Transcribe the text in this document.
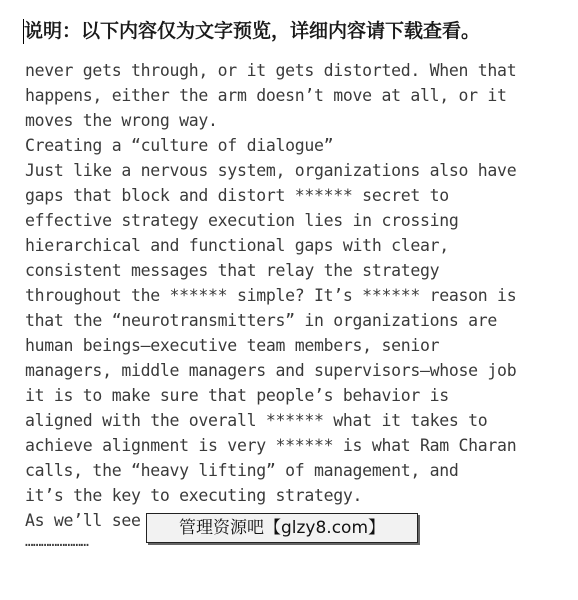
说明：以下内容仅为文字预览，详细内容请下载查看。
never gets through, or it gets distorted. When that
happens, either the arm doesn’t move at all, or it
moves the wrong way.
Creating a “culture of dialogue”
Just like a nervous system, organizations also have
gaps that block and distort ****** secret to
effective strategy execution lies in crossing
hierarchical and functional gaps with clear,
consistent messages that relay the strategy
throughout the ****** simple? It’s ****** reason is
that the “neurotransmitters” in organizations are
human beings—executive team members, senior
managers, middle managers and supervisors—whose job
it is to make sure that people’s behavior is
aligned with the overall ****** what it takes to
achieve alignment is very ****** is what Ram Charan
calls, the “heavy lifting” of management, and
it’s the key to executing strategy.
As we’ll see
……………………
管理资源吧【glzy8.com】
